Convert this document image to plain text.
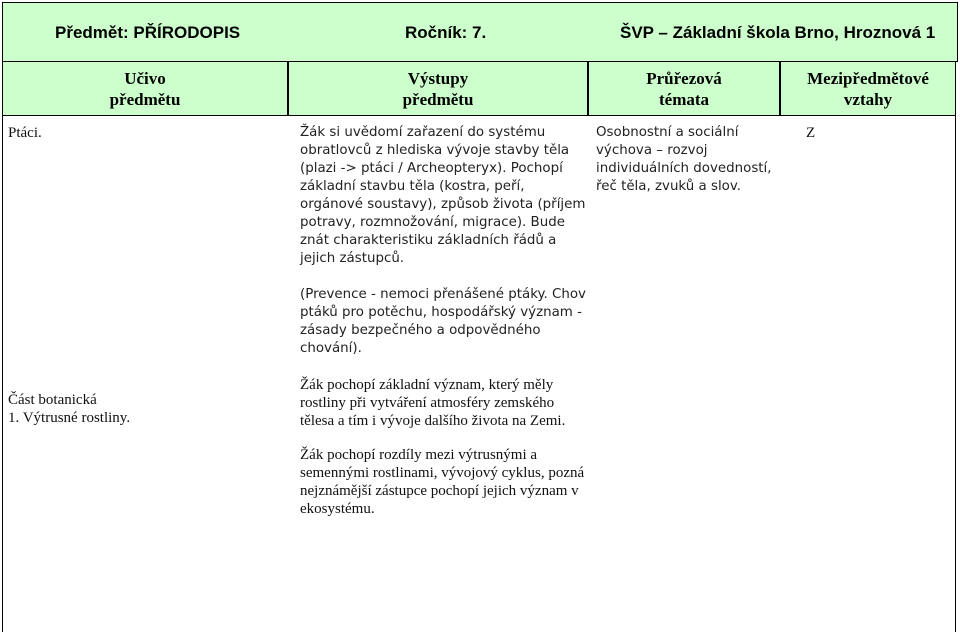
Předmět: PŘÍRODOPIS	Ročník: 7.	ŠVP – Základní škola Brno, Hroznová 1
Učivo
předmětu
Výstupy
předmětu
Průřezová
témata
Mezipředmětové
vztahy
Ptáci.
Část botanická
1. Výtrusné rostliny.
Žák si uvědomí zařazení do systému obratlovců z hlediska vývoje stavby těla (plazi -> ptáci / Archeopteryx). Pochopí základní stavbu těla (kostra, peří, orgánové soustavy), způsob života (příjem potravy, rozmnožování, migrace). Bude znát charakteristiku základních řádů a jejich zástupců.
(Prevence - nemoci přenášené ptáky. Chov ptáků pro potěchu, hospodářský význam - zásady bezpečného a odpovědného chování).
Žák pochopí základní význam, který měly rostliny při vytváření atmosféry zemského tělesa a tím i vývoje dalšího života na Zemi.
Žák pochopí rozdíly mezi výtrusnými a semennými rostlinami, vývojový cyklus, pozná nejznámější zástupce pochopí jejich význam v ekosystému.
Osobnostní a sociální výchova – rozvoj individuálních dovedností, řeč těla, zvuků a slov.
Z
